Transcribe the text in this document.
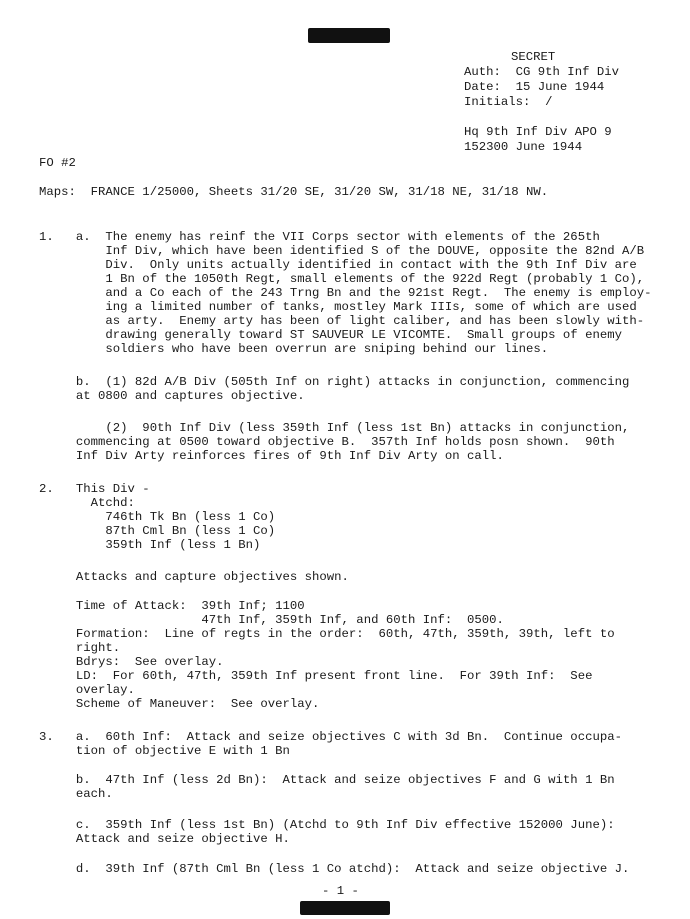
SECRET
Auth:  CG 9th Inf Div
Date:  15 June 1944
Initials:  /
Hq 9th Inf Div APO 9
152300 June 1944
FO #2
Maps:  FRANCE 1/25000, Sheets 31/20 SE, 31/20 SW, 31/18 NE, 31/18 NW.
1.   a.  The enemy has reinf the VII Corps sector with elements of the 265th
Inf Div, which have been identified S of the DOUVE, opposite the 82nd A/B
Div.  Only units actually identified in contact with the 9th Inf Div are
1 Bn of the 1050th Regt, small elements of the 922d Regt (probably 1 Co),
and a Co each of the 243 Trng Bn and the 921st Regt.  The enemy is employ-
ing a limited number of tanks, mostley Mark IIIs, some of which are used
as arty.  Enemy arty has been of light caliber, and has been slowly with-
drawing generally toward ST SAUVEUR LE VICOMTE.  Small groups of enemy
soldiers who have been overrun are sniping behind our lines.
b.  (1) 82d A/B Div (505th Inf on right) attacks in conjunction, commencing
at 0800 and captures objective.
(2)  90th Inf Div (less 359th Inf (less 1st Bn) attacks in conjunction,
commencing at 0500 toward objective B.  357th Inf holds posn shown.  90th
Inf Div Arty reinforces fires of 9th Inf Div Arty on call.
2.   This Div -
Atchd:
746th Tk Bn (less 1 Co)
87th Cml Bn (less 1 Co)
359th Inf (less 1 Bn)
Attacks and capture objectives shown.
Time of Attack:  39th Inf; 1100
47th Inf, 359th Inf, and 60th Inf:  0500.
Formation:  Line of regts in the order:  60th, 47th, 359th, 39th, left to
right.
Bdrys:  See overlay.
LD:  For 60th, 47th, 359th Inf present front line.  For 39th Inf:  See
overlay.
Scheme of Maneuver:  See overlay.
3.   a.  60th Inf:  Attack and seize objectives C with 3d Bn.  Continue occupa-
tion of objective E with 1 Bn
b.  47th Inf (less 2d Bn):  Attack and seize objectives F and G with 1 Bn
each.
c.  359th Inf (less 1st Bn) (Atchd to 9th Inf Div effective 152000 June):
Attack and seize objective H.
d.  39th Inf (87th Cml Bn (less 1 Co atchd):  Attack and seize objective J.
- 1 -
